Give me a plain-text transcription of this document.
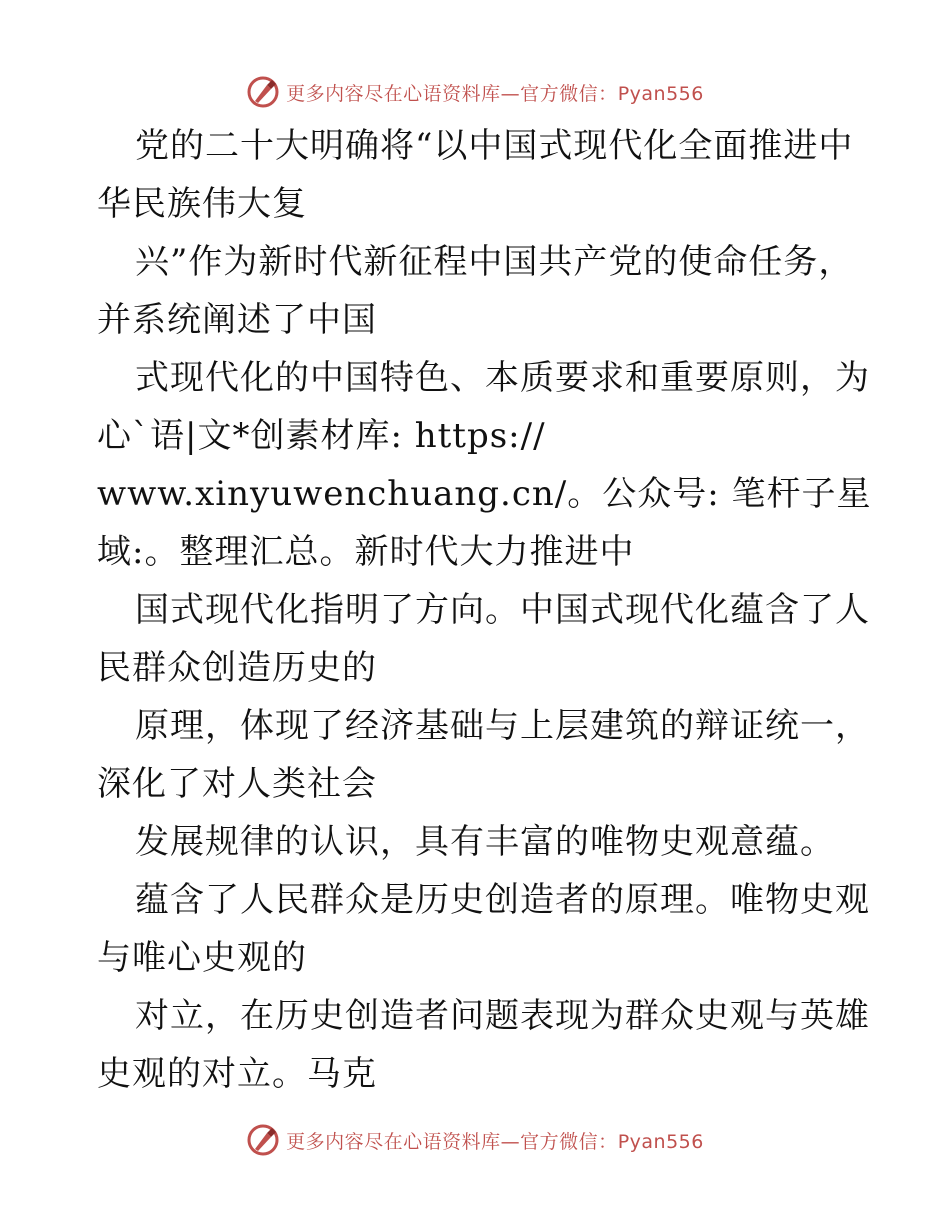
更多内容尽在心语资料库—官方微信：Pyan556
党的二十大明确将“以中国式现代化全面推进中
华民族伟大复
兴”作为新时代新征程中国共产党的使命任务，
并系统阐述了中国
式现代化的中国特色、本质要求和重要原则，为
心`语|文*创素材库: https://
www.xinyuwenchuang.cn/。公众号: 笔杆子星
域:。整理汇总。新时代大力推进中
国式现代化指明了方向。中国式现代化蕴含了人
民群众创造历史的
原理，体现了经济基础与上层建筑的辩证统一，
深化了对人类社会
发展规律的认识，具有丰富的唯物史观意蕴。
蕴含了人民群众是历史创造者的原理。唯物史观
与唯心史观的
对立，在历史创造者问题表现为群众史观与英雄
史观的对立。马克
更多内容尽在心语资料库—官方微信：Pyan556
